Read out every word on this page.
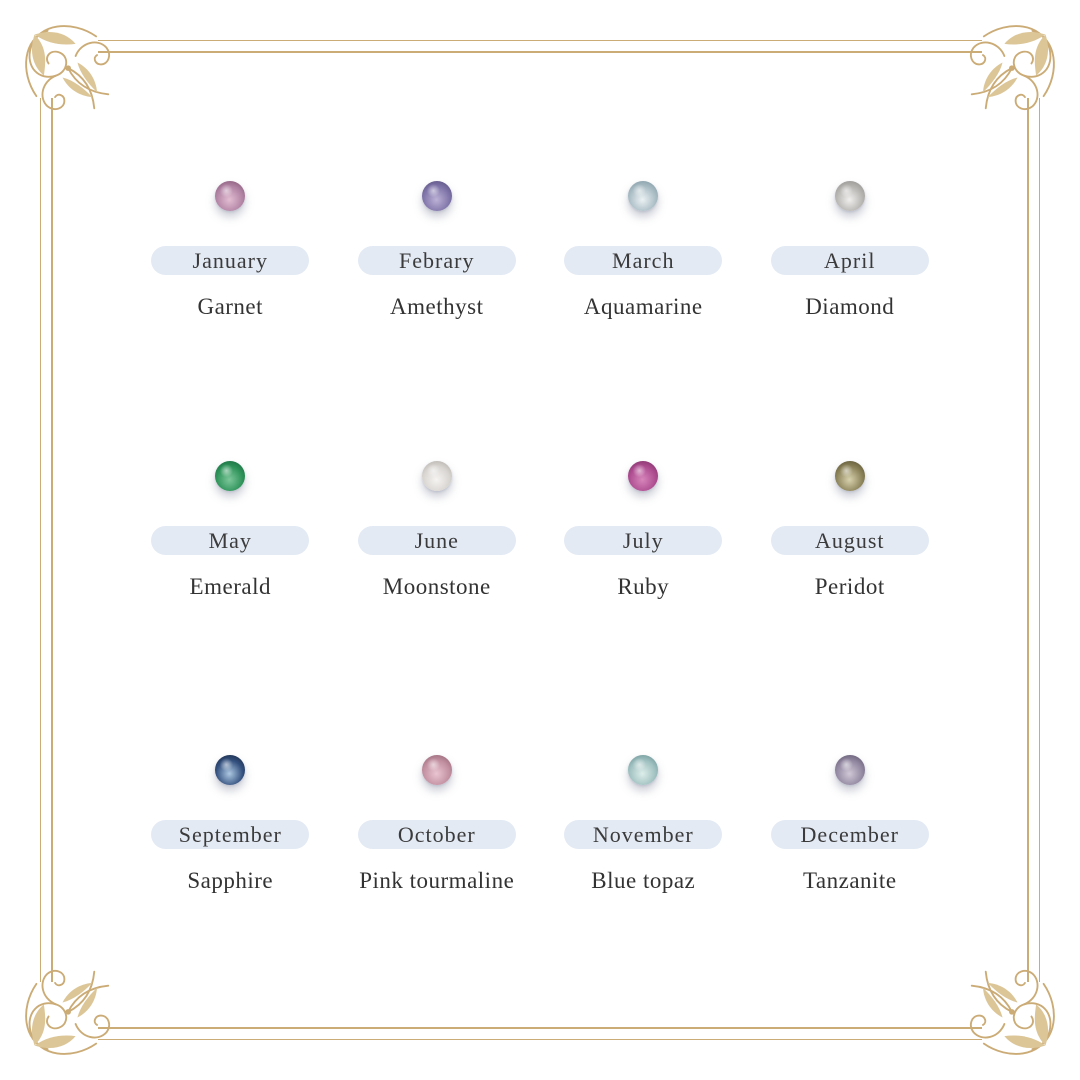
January
Garnet
Febrary
Amethyst
March
Aquamarine
April
Diamond
May
Emerald
June
Moonstone
July
Ruby
August
Peridot
September
Sapphire
October
Pink tourmaline
November
Blue topaz
December
Tanzanite
